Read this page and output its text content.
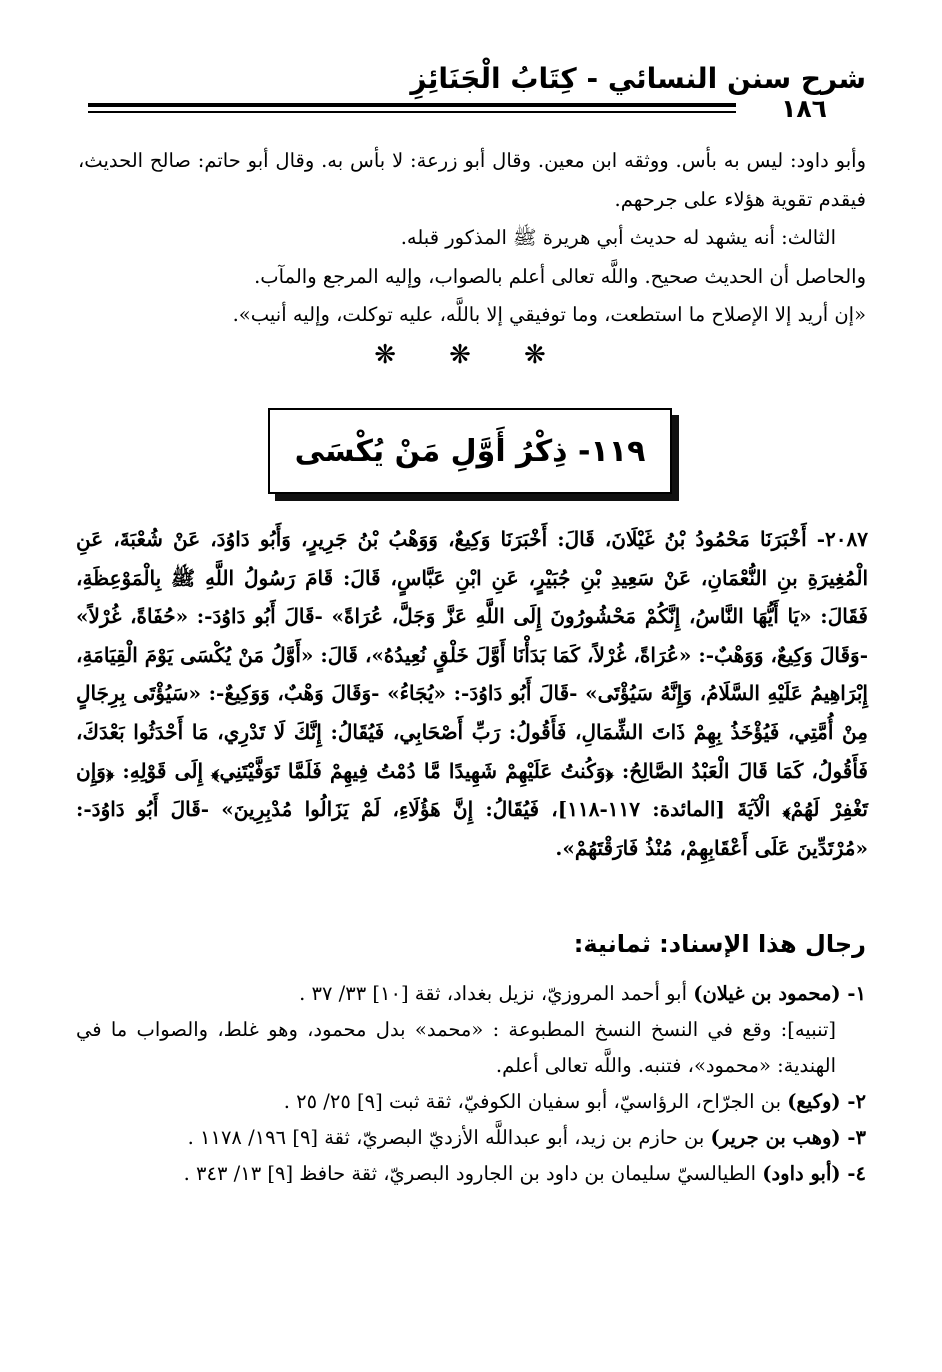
شرح سنن النسائي - كِتَابُ الْجَنَائِزِ
١٨٦

وأبو داود: ليس به بأس. ووثقه ابن معين. وقال أبو زرعة: لا بأس به. وقال أبو حاتم: صالح الحديث، فيقدم تقوية هؤلاء على جرحهم.

الثالث: أنه يشهد له حديث أبي هريرة ﷺ المذكور قبله.

والحاصل أن الحديث صحيح. واللَّه تعالى أعلم بالصواب، وإليه المرجع والمآب.

«إن أريد إلا الإصلاح ما استطعت، وما توفيقي إلا باللَّه، عليه توكلت، وإليه أنيب».

❋ ❋ ❋
١١٩- ذِكْرُ أَوَّلِ مَنْ يُكْسَى
٢٠٨٧- أَخْبَرَنَا مَحْمُودُ بْنُ غَيْلَانَ، قَالَ: أَخْبَرَنَا وَكِيعٌ، وَوَهْبُ بْنُ جَرِيرٍ، وَأَبُو دَاوُدَ، عَنْ شُعْبَةَ، عَنِ الْمُغِيرَةِ بنِ النُّعْمَانِ، عَنْ سَعِيدِ بْنِ جُبَيْرٍ، عَنِ ابْنِ عَبَّاسٍ، قَالَ: قَامَ رَسُولُ اللَّهِ ﷺ بِالْمَوْعِظَةِ، فَقَالَ: «يَا أَيُّهَا النَّاسُ، إِنَّكُمْ مَحْشُورُونَ إِلَى اللَّهِ عَزَّ وَجَلَّ، عُرَاةً» -قَالَ أَبُو دَاوُدَ-: «حُفَاةً، غُرْلاً» -وَقَالَ وَكِيعٌ، وَوَهْبٌ-: «عُرَاةً، غُرْلاً، كَمَا بَدَأْنَا أَوَّلَ خَلْقٍ نُعِيدُهُ»، قَالَ: «أَوَّلُ مَنْ يُكْسَى يَوْمَ الْقِيَامَةِ، إِبْرَاهِيمُ عَلَيْهِ السَّلَامُ، وَإِنَّهُ سَيُؤْتَى» -قَالَ أَبُو دَاوُدَ-: «يُجَاءُ» -وَقَالَ وَهْبٌ، وَوَكِيعٌ-: «سَيُؤْتَى بِرِجَالٍ مِنْ أُمَّتِي، فَيُؤْخَذُ بِهِمْ ذَاتَ الشِّمَالِ، فَأَقُولُ: رَبِّ أَصْحَابِي، فَيُقَالُ: إِنَّكَ لَا تَدْرِي، مَا أَحْدَثُوا بَعْدَكَ، فَأَقُولُ، كَمَا قَالَ الْعَبْدُ الصَّالِحُ: ﴿وَكُنتُ عَلَيْهِمْ شَهِيدًا مَّا دُمْتُ فِيهِمْ فَلَمَّا تَوَفَّيْتَنِي﴾ إِلَى قَوْلِهِ: ﴿وَإِن تَغْفِرْ لَهُمْ﴾ الْآيَةَ [المائدة: ١١٧-١١٨]، فَيُقَالُ: إِنَّ هَؤُلَاءِ، لَمْ يَزَالُوا مُدْبِرِينَ» -قَالَ أَبُو دَاوُدَ-: «مُرْتَدِّينَ عَلَى أَعْقَابِهِمْ، مُنْذُ فَارَقْتَهُمْ».
رجال هذا الإسناد: ثمانية:

١- (محمود بن غيلان) أبو أحمد المروزيّ، نزيل بغداد، ثقة [١٠] ٣٣/ ٣٧ .

[تنبيه]: وقع في النسخ النسخ المطبوعة : «محمد» بدل محمود، وهو غلط، والصواب ما في الهندية: «محمود»، فتنبه. واللَّه تعالى أعلم.

٢- (وكيع) بن الجرّاح، الرؤاسيّ، أبو سفيان الكوفيّ، ثقة ثبت [٩] ٢٥/ ٢٥ .

٣- (وهب بن جرير) بن حازم بن زيد، أبو عبداللَّه الأزديّ البصريّ، ثقة [٩] ١٩٦/ ١١٧٨ .

٤- (أبو داود) الطيالسيّ سليمان بن داود بن الجارود البصريّ، ثقة حافظ [٩] ١٣/ ٣٤٣ .
